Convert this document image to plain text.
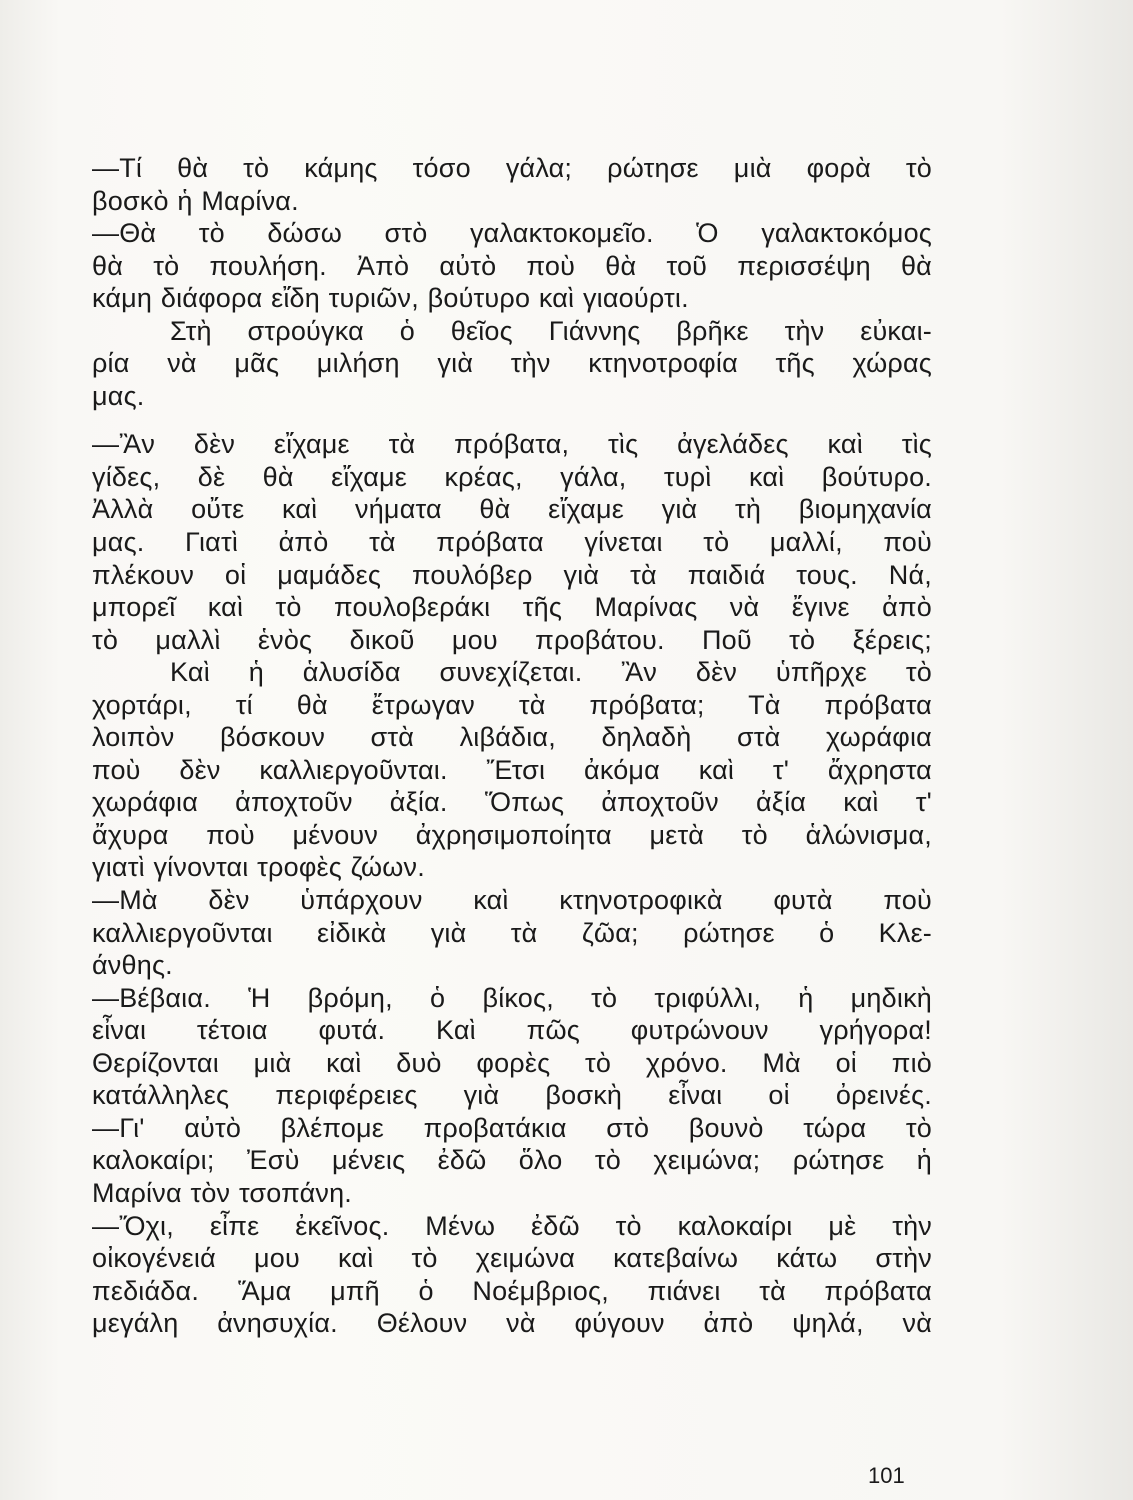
—Τί θὰ τὸ κάμης τόσο γάλα; ρώτησε μιὰ φορὰ τὸ
βοσκὸ ἡ Μαρίνα.
—Θὰ τὸ δώσω στὸ γαλακτοκομεῖο. Ὁ γαλακτοκόμος
θὰ τὸ πουλήση. Ἀπὸ αὐτὸ ποὺ θὰ τοῦ περισσέψη θὰ
κάμη διάφορα εἴδη τυριῶν, βούτυρο καὶ γιαούρτι.
Στὴ στρούγκα ὁ θεῖος Γιάννης βρῆκε τὴν εὐκαι-
ρία νὰ μᾶς μιλήση γιὰ τὴν κτηνοτροφία τῆς χώρας
μας.
—Ἂν δὲν εἴχαμε τὰ πρόβατα, τὶς ἀγελάδες καὶ τὶς
γίδες, δὲ θὰ εἴχαμε κρέας, γάλα, τυρὶ καὶ βούτυρο.
Ἀλλὰ οὔτε καὶ νήματα θὰ εἴχαμε γιὰ τὴ βιομηχανία
μας. Γιατὶ ἀπὸ τὰ πρόβατα γίνεται τὸ μαλλί, ποὺ
πλέκουν οἱ μαμάδες πουλόβερ γιὰ τὰ παιδιά τους. Νά,
μπορεῖ καὶ τὸ πουλοβεράκι τῆς Μαρίνας νὰ ἔγινε ἀπὸ
τὸ μαλλὶ ἑνὸς δικοῦ μου προβάτου. Ποῦ τὸ ξέρεις;
Καὶ ἡ ἁλυσίδα συνεχίζεται. Ἂν δὲν ὑπῆρχε τὸ
χορτάρι, τί θὰ ἔτρωγαν τὰ πρόβατα; Τὰ πρόβατα
λοιπὸν βόσκουν στὰ λιβάδια, δηλαδὴ στὰ χωράφια
ποὺ δὲν καλλιεργοῦνται. Ἔτσι ἀκόμα καὶ τ' ἄχρηστα
χωράφια ἀποχτοῦν ἀξία. Ὅπως ἀποχτοῦν ἀξία καὶ τ'
ἄχυρα ποὺ μένουν ἀχρησιμοποίητα μετὰ τὸ ἁλώνισμα,
γιατὶ γίνονται τροφὲς ζώων.
—Μὰ δὲν ὑπάρχουν καὶ κτηνοτροφικὰ φυτὰ ποὺ
καλλιεργοῦνται εἰδικὰ γιὰ τὰ ζῶα; ρώτησε ὁ Κλε-
άνθης.
—Βέβαια. Ἡ βρόμη, ὁ βίκος, τὸ τριφύλλι, ἡ μηδικὴ
εἶναι τέτοια φυτά. Καὶ πῶς φυτρώνουν γρήγορα!
Θερίζονται μιὰ καὶ δυὸ φορὲς τὸ χρόνο. Μὰ οἱ πιὸ
κατάλληλες περιφέρειες γιὰ βοσκὴ εἶναι οἱ ὀρεινές.
—Γι' αὐτὸ βλέπομε προβατάκια στὸ βουνὸ τώρα τὸ
καλοκαίρι; Ἐσὺ μένεις ἐδῶ ὅλο τὸ χειμώνα; ρώτησε ἡ
Μαρίνα τὸν τσοπάνη.
—Ὄχι, εἶπε ἐκεῖνος. Μένω ἐδῶ τὸ καλοκαίρι μὲ τὴν
οἰκογένειά μου καὶ τὸ χειμώνα κατεβαίνω κάτω στὴν
πεδιάδα. Ἅμα μπῆ ὁ Νοέμβριος, πιάνει τὰ πρόβατα
μεγάλη ἀνησυχία. Θέλουν νὰ φύγουν ἀπὸ ψηλά, νὰ
101
